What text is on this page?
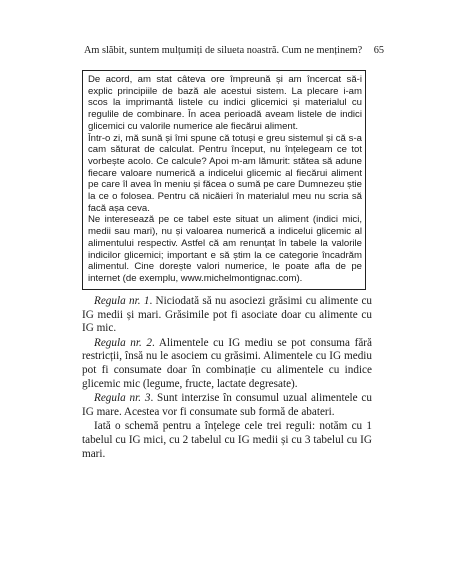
Am slăbit, suntem mulțumiți de silueta noastră. Cum ne menținem? 65

De acord, am stat câteva ore împreună și am încercat să-i explic principiile de bază ale acestui sistem. La plecare i-am scos la imprimantă listele cu indici glicemici și materialul cu regulile de combinare. În acea perioadă aveam listele de indici glicemici cu valorile numerice ale fiecărui aliment.

Într-o zi, mă sună și îmi spune că totuși e greu sistemul și că s-a cam săturat de calculat. Pentru început, nu înțelegeam ce tot vorbește acolo. Ce calcule? Apoi m-am lămurit: stătea să adune fiecare valoare numerică a indicelui glicemic al fiecărui aliment pe care îl avea în meniu și făcea o sumă pe care Dumnezeu știe la ce o folosea. Pentru că nicăieri în materialul meu nu scria să facă așa ceva.

Ne interesează pe ce tabel este situat un aliment (indici mici, medii sau mari), nu și valoarea numerică a indicelui glicemic al alimentului respectiv. Astfel că am renunțat în tabele la valorile indicilor glicemici; important e să știm la ce categorie încadrăm alimentul. Cine dorește valori numerice, le poate afla de pe internet (de exemplu, www.michelmontignac.com).

Regula nr. 1. Niciodată să nu asociezi grăsimi cu alimente cu IG medii și mari. Grăsimile pot fi asociate doar cu alimente cu IG mic.

Regula nr. 2. Alimentele cu IG mediu se pot consuma fără restricții, însă nu le asociem cu grăsimi. Alimentele cu IG mediu pot fi consumate doar în combinație cu alimentele cu indice glicemic mic (legume, fructe, lactate degresate).

Regula nr. 3. Sunt interzise în consumul uzual alimentele cu IG mare. Acestea vor fi consumate sub formă de abateri.

Iată o schemă pentru a înțelege cele trei reguli: notăm cu 1 tabelul cu IG mici, cu 2 tabelul cu IG medii și cu 3 tabelul cu IG mari.
